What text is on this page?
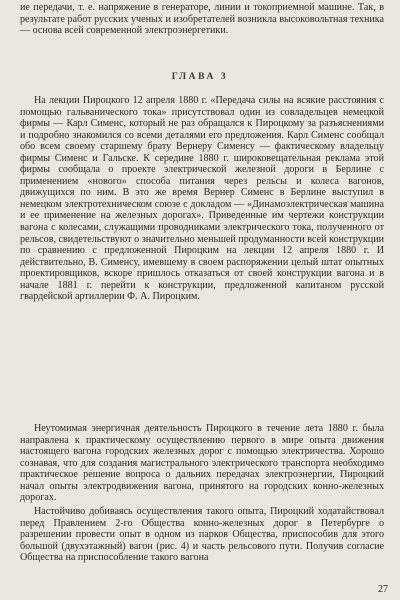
ие передачи, т. е. напряжение в генераторе, линии и токоприемной машине. Так, в результате работ русских ученых и изобретателей возникла высоковольтная техника — основа всей современной электроэнергетики.

ГЛАВА 3

На лекции Пироцкого 12 апреля 1880 г. «Передача силы на всякие расстояния с помощью гальванического тока» присутствовал один из совладельцев немецкой фирмы — Карл Сименс, который не раз обращался к Пироцкому за разъяснениями и подробно знакомился со всеми деталями его предложения. Карл Сименс сообщал обо всем своему старшему брату Вернеру Сименсу — фактическому владельцу фирмы Сименс и Гальске. К середине 1880 г. широковещательная реклама этой фирмы сообщала о проекте электрической железной дороги в Берлине с применением «нового» способа питания через рельсы и колеса вагонов, движущихся по ним. В это же время Вернер Сименс в Берлине выступил в немецком электротехническом союзе с докладом — «Динамоэлектрическая машина и ее применение на железных дорогах». Приведенные им чертежи конструкции вагона с колесами, служащими проводниками электрического тока, полученного от рельсов, свидетельствуют о значительно меньшей продуманности всей конструкции по сравнению с предложенной Пироцким на лекции 12 апреля 1880 г. И действительно, В. Сименсу, имевшему в своем распоряжении целый штат опытных проектировщиков, вскоре пришлось отказаться от своей конструкции вагона и в начале 1881 г. перейти к конструкции, предложенной капитаном русской гвардейской артиллерии Ф. А. Пироцким.

Неутомимая энергичная деятельность Пироцкого в течение лета 1880 г. была направлена к практическому осуществлению первого в мире опыта движения настоящего вагона городских железных дорог с помощью электричества. Хорошо сознавая, что для создания магистрального электрического транспорта необходимо практическое решение вопроса о дальних передачах электроэнергии, Пироцкий начал опыты электродвижения вагона, принятого на городских конно-железных дорогах.

Настойчиво добиваясь осуществления такого опыта, Пироцкий ходатайствовал перед Правлением 2-го Общества конно-железных дорог в Петербурге о разрешении провести опыт в одном из парков Общества, приспособив для этого большой (двухэтажный) вагон (рис. 4) и часть рельсового пути. Получив согласие Общества на приспособление такого вагона

27
